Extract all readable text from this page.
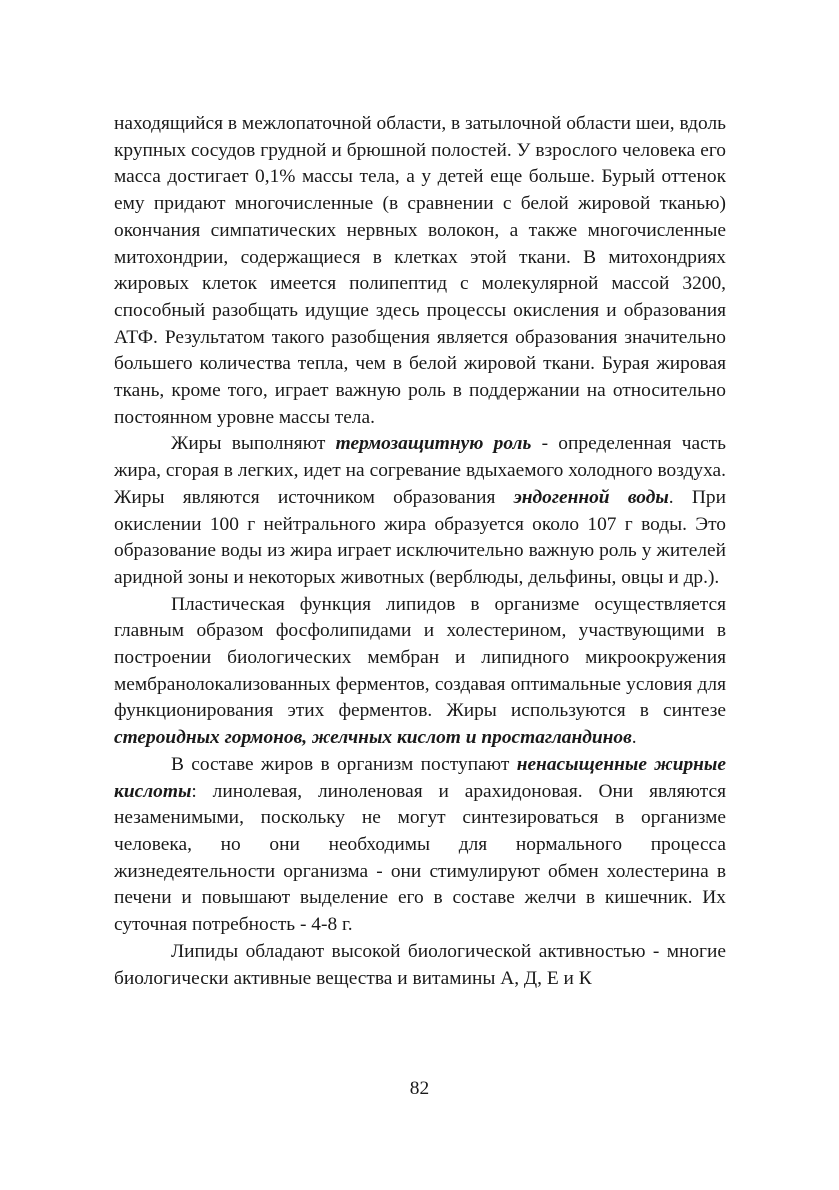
находящийся в межлопаточной области, в затылочной области шеи, вдоль крупных сосудов грудной и брюшной полостей. У взрослого человека его масса достигает 0,1% массы тела, а у детей еще больше. Бурый оттенок ему придают многочисленные (в сравнении с белой жировой тканью) окончания симпатических нервных волокон, а также многочисленные митохондрии, содержащиеся в клетках этой ткани. В митохондриях жировых клеток имеется полипептид с молекулярной массой 3200, способный разобщать идущие здесь процессы окисления и образования АТФ. Результатом такого разобщения является образования значительно большего количества тепла, чем в белой жировой ткани. Бурая жировая ткань, кроме того, играет важную роль в поддержании на относительно постоянном уровне массы тела.

Жиры выполняют термозащитную роль - определенная часть жира, сгорая в легких, идет на согревание вдыхаемого холодного воздуха. Жиры являются источником образования эндогенной воды. При окислении 100 г нейтрального жира образуется около 107 г воды. Это образование воды из жира играет исключительно важную роль у жителей аридной зоны и некоторых животных (верблюды, дельфины, овцы и др.).

Пластическая функция липидов в организме осуществляется главным образом фосфолипидами и холестерином, участвующими в построении биологических мембран и липидного микроокружения мембранолокализованных ферментов, создавая оптимальные условия для функционирования этих ферментов. Жиры используются в синтезе стероидных гормонов, желчных кислот и простагландинов.

В составе жиров в организм поступают ненасыщенные жирные кислоты: линолевая, линоленовая и арахидоновая. Они являются незаменимыми, поскольку не могут синтезироваться в организме человека, но они необходимы для нормального процесса жизнедеятельности организма - они стимулируют обмен холестерина в печени и повышают выделение его в составе желчи в кишечник. Их суточная потребность - 4-8 г.

Липиды обладают высокой биологической активностью - многие биологически активные вещества и витамины А, Д, Е и К

82
